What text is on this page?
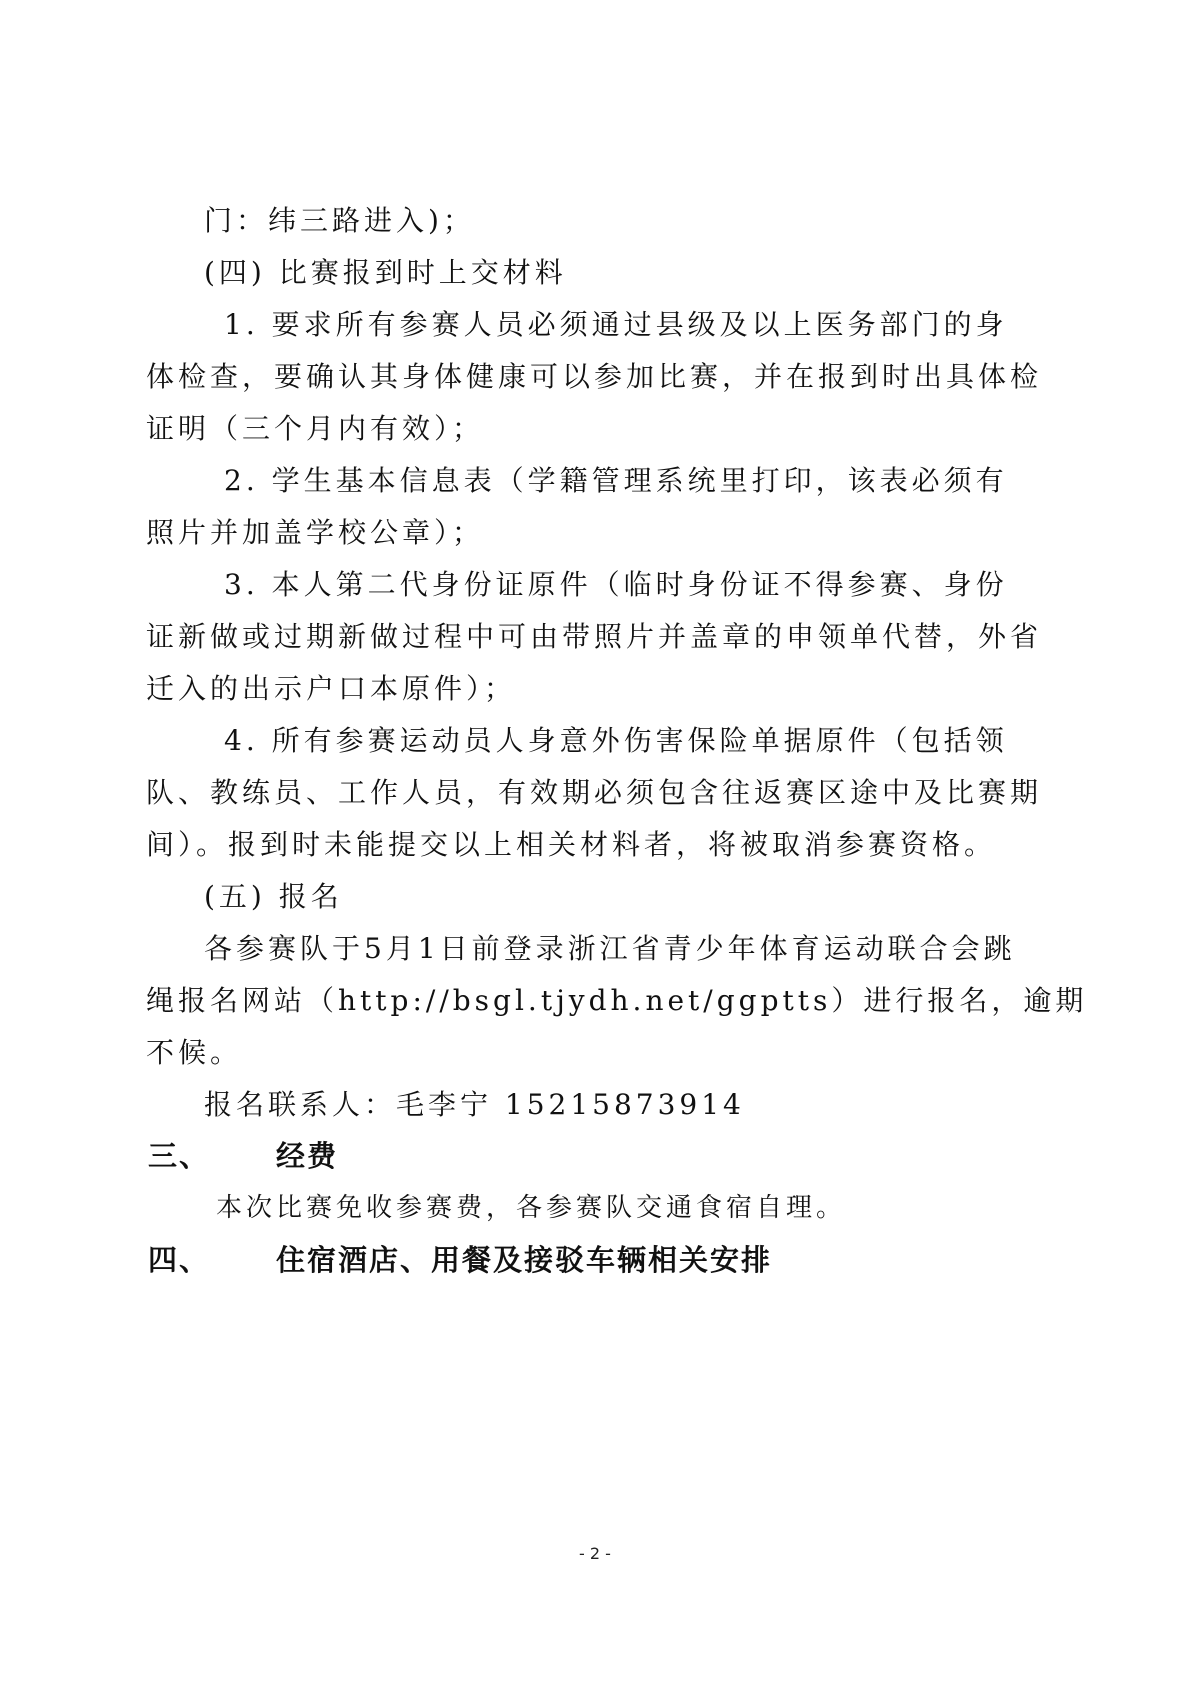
门：纬三路进入)；
(四) 比赛报到时上交材料
1. 要求所有参赛人员必须通过县级及以上医务部门的身
体检查，要确认其身体健康可以参加比赛，并在报到时出具体检
证明（三个月内有效）；
2. 学生基本信息表（学籍管理系统里打印，该表必须有
照片并加盖学校公章）；
3. 本人第二代身份证原件（临时身份证不得参赛、身份
证新做或过期新做过程中可由带照片并盖章的申领单代替，外省
迁入的出示户口本原件）；
4. 所有参赛运动员人身意外伤害保险单据原件（包括领
队、教练员、工作人员，有效期必须包含往返赛区途中及比赛期
间）。报到时未能提交以上相关材料者，将被取消参赛资格。
(五) 报名
各参赛队于5月1日前登录浙江省青少年体育运动联合会跳
绳报名网站（http://bsgl.tjydh.net/ggptts）进行报名，逾期
不候。
报名联系人：毛李宁 15215873914
三、 经费
本次比赛免收参赛费，各参赛队交通食宿自理。
四、 住宿酒店、用餐及接驳车辆相关安排
- 2 -
